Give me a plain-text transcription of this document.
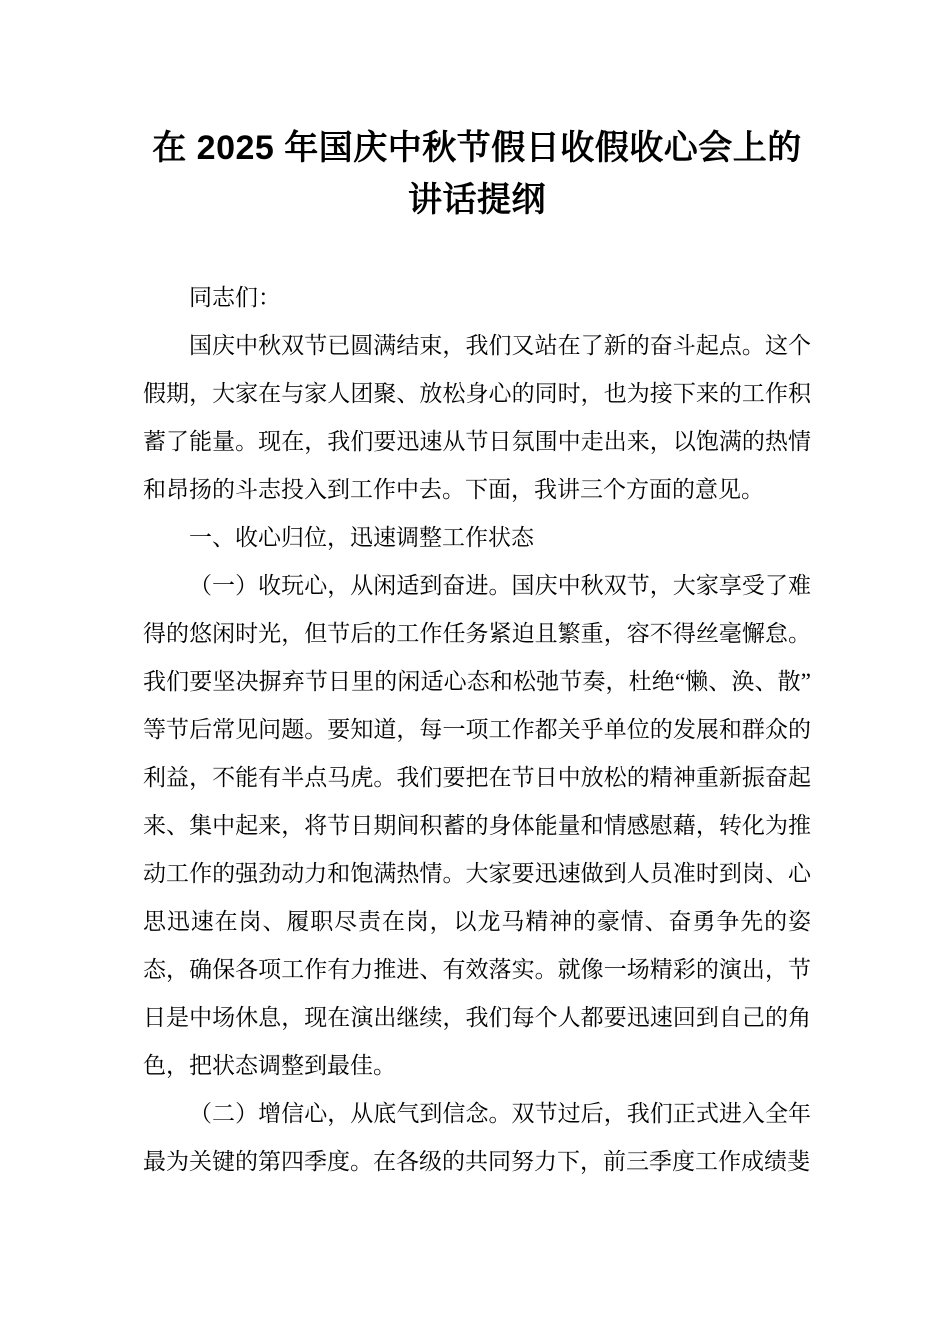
在 2025 年国庆中秋节假日收假收心会上的
讲话提纲

同志们：

国庆中秋双节已圆满结束，我们又站在了新的奋斗起点。这个假期，大家在与家人团聚、放松身心的同时，也为接下来的工作积蓄了能量。现在，我们要迅速从节日氛围中走出来，以饱满的热情和昂扬的斗志投入到工作中去。下面，我讲三个方面的意见。

一、收心归位，迅速调整工作状态

（一）收玩心，从闲适到奋进。国庆中秋双节，大家享受了难得的悠闲时光，但节后的工作任务紧迫且繁重，容不得丝毫懈怠。我们要坚决摒弃节日里的闲适心态和松弛节奏，杜绝“懒、涣、散”等节后常见问题。要知道，每一项工作都关乎单位的发展和群众的利益，不能有半点马虎。我们要把在节日中放松的精神重新振奋起来、集中起来，将节日期间积蓄的身体能量和情感慰藉，转化为推动工作的强劲动力和饱满热情。大家要迅速做到人员准时到岗、心思迅速在岗、履职尽责在岗，以龙马精神的豪情、奋勇争先的姿态，确保各项工作有力推进、有效落实。就像一场精彩的演出，节日是中场休息，现在演出继续，我们每个人都要迅速回到自己的角色，把状态调整到最佳。

（二）增信心，从底气到信念。双节过后，我们正式进入全年最为关键的第四季度。在各级的共同努力下，前三季度工作成绩斐
